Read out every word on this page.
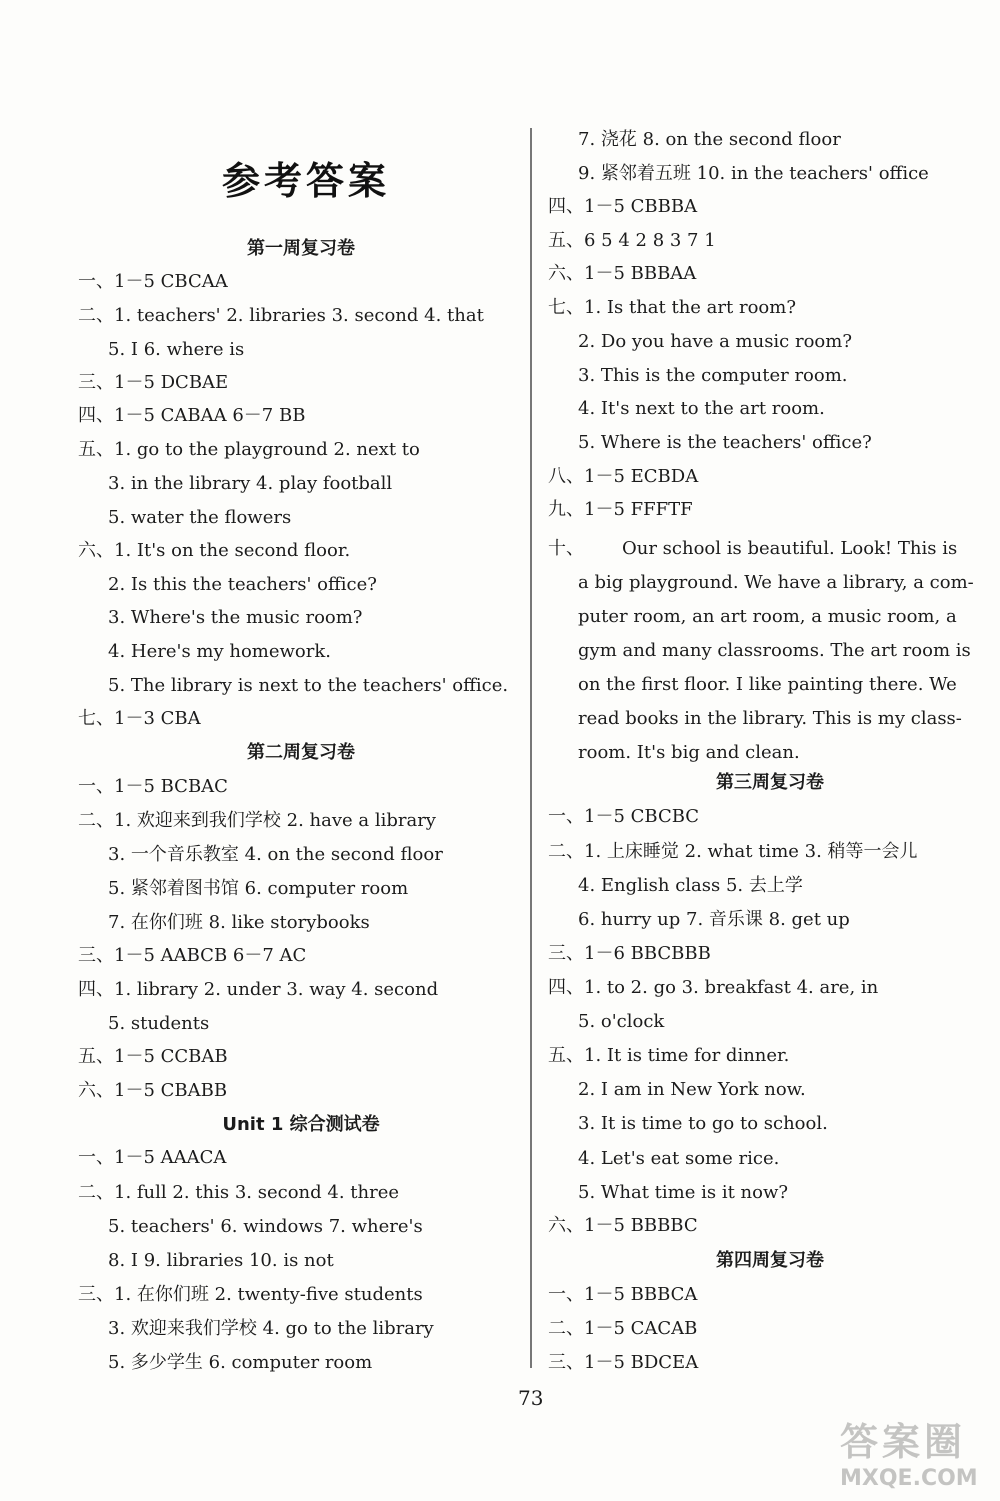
参考答案
第一周复习卷
一、1－5 CBCAA
二、1. teachers' 2. libraries 3. second 4. that
5. I 6. where is
三、1－5 DCBAE
四、1－5 CABAA 6－7 BB
五、1. go to the playground 2. next to
3. in the library 4. play football
5. water the flowers
六、1. It's on the second floor.
2. Is this the teachers' office?
3. Where's the music room?
4. Here's my homework.
5. The library is next to the teachers' office.
七、1－3 CBA
第二周复习卷
一、1－5 BCBAC
二、1. 欢迎来到我们学校 2. have a library
3. 一个音乐教室 4. on the second floor
5. 紧邻着图书馆 6. computer room
7. 在你们班 8. like storybooks
三、1－5 AABCB 6－7 AC
四、1. library 2. under 3. way 4. second
5. students
五、1－5 CCBAB
六、1－5 CBABB
Unit 1 综合测试卷
一、1－5 AAACA
二、1. full 2. this 3. second 4. three
5. teachers' 6. windows 7. where's
8. I 9. libraries 10. is not
三、1. 在你们班 2. twenty-five students
3. 欢迎来我们学校 4. go to the library
5. 多少学生 6. computer room
十、 Our school is beautiful. Look! This is
a big playground. We have a library, a com-
puter room, an art room, a music room, a
gym and many classrooms. The art room is
on the first floor. I like painting there. We
read books in the library. This is my class-
room. It's big and clean.
7. 浇花 8. on the second floor
9. 紧邻着五班 10. in the teachers' office
四、1－5 CBBBA
五、6 5 4 2 8 3 7 1
六、1－5 BBBAA
七、1. Is that the art room?
2. Do you have a music room?
3. This is the computer room.
4. It's next to the art room.
5. Where is the teachers' office?
八、1－5 ECBDA
九、1－5 FFFTF
第三周复习卷
一、1－5 CBCBC
二、1. 上床睡觉 2. what time 3. 稍等一会儿
4. English class 5. 去上学
6. hurry up 7. 音乐课 8. get up
三、1－6 BBCBBB
四、1. to 2. go 3. breakfast 4. are, in
5. o'clock
五、1. It is time for dinner.
2. I am in New York now.
3. It is time to go to school.
4. Let's eat some rice.
5. What time is it now?
六、1－5 BBBBC
第四周复习卷
一、1－5 BBBCA
二、1－5 CACAB
三、1－5 BDCEA
73
答案圈
MXQE.COM
